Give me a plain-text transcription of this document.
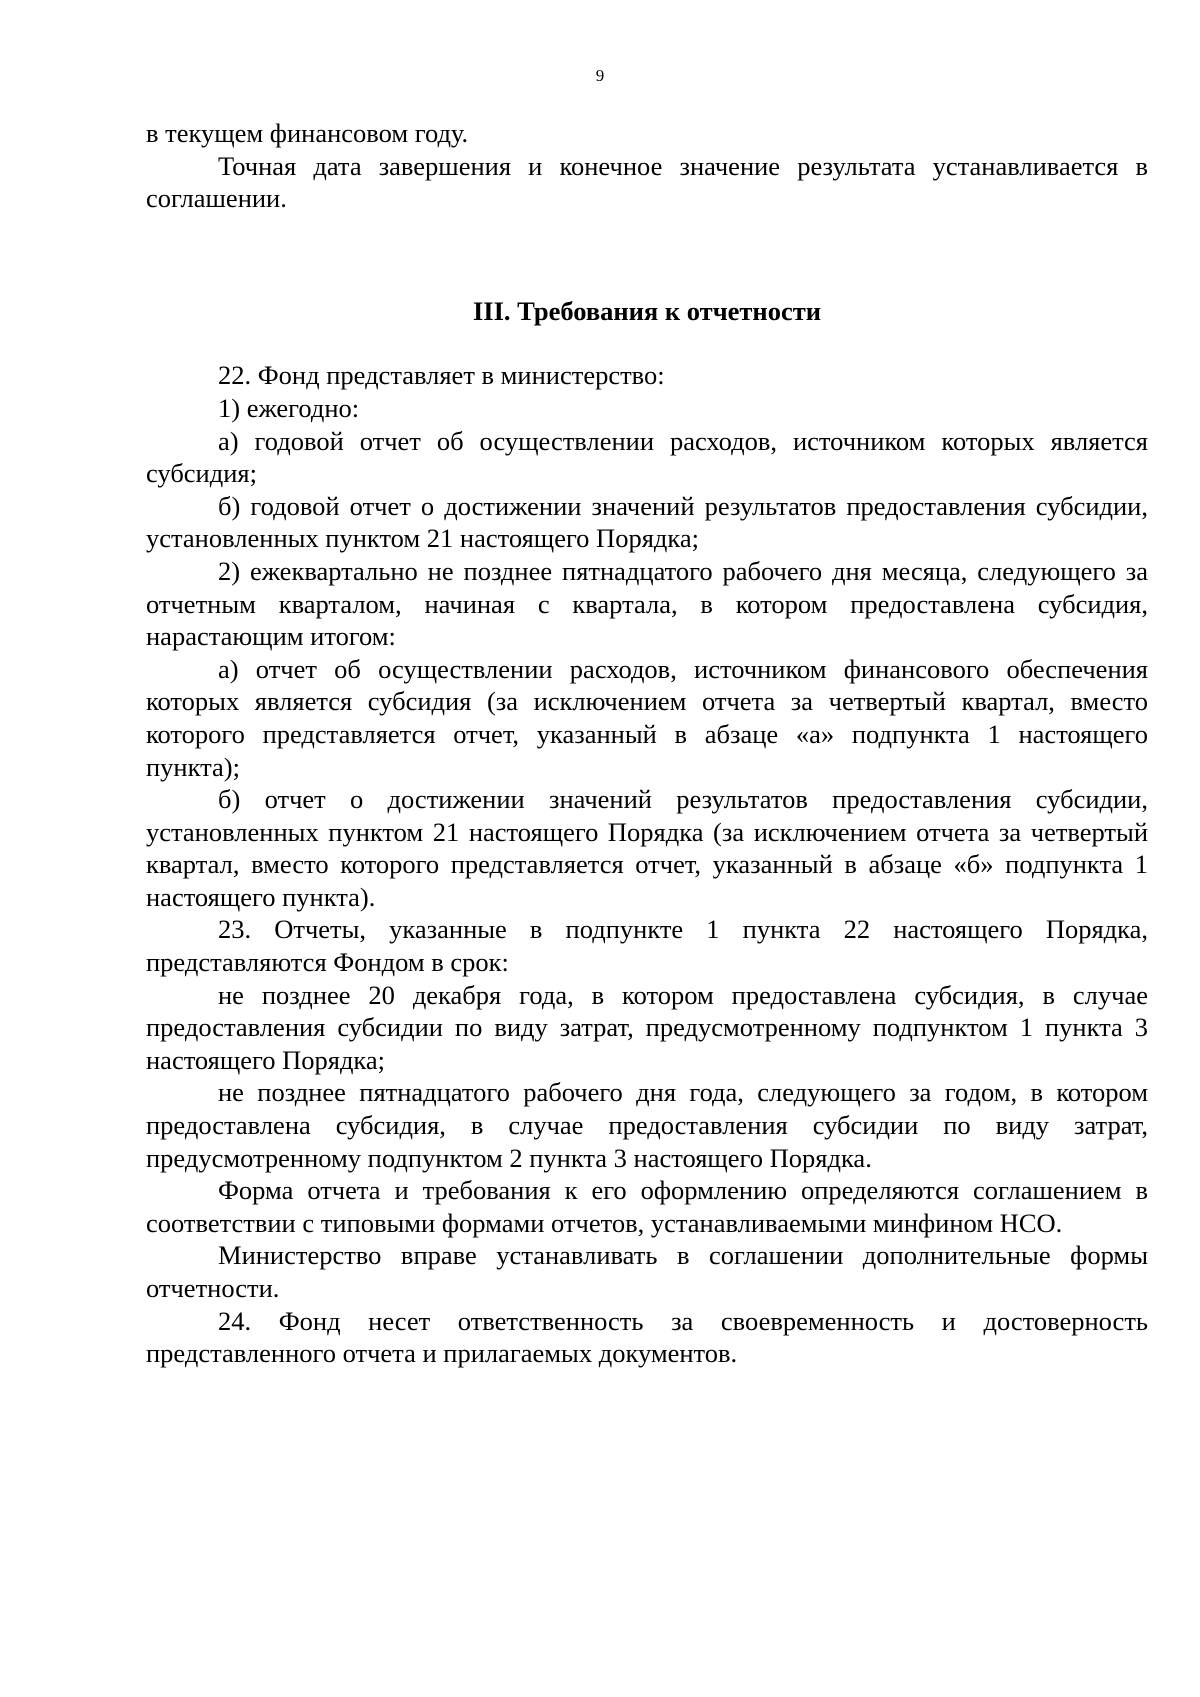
9

в текущем финансовом году.

Точная дата завершения и конечное значение результата устанавливается в соглашении.

III. Требования к отчетности

22. Фонд представляет в министерство:

1) ежегодно:

а) годовой отчет об осуществлении расходов, источником которых является субсидия;

б) годовой отчет о достижении значений результатов предоставления субсидии, установленных пунктом 21 настоящего Порядка;

2) ежеквартально не позднее пятнадцатого рабочего дня месяца, следующего за отчетным кварталом, начиная с квартала, в котором предоставлена субсидия, нарастающим итогом:

а) отчет об осуществлении расходов, источником финансового обеспечения которых является субсидия (за исключением отчета за четвертый квартал, вместо которого представляется отчет, указанный в абзаце «а» подпункта 1 настоящего пункта);

б) отчет о достижении значений результатов предоставления субсидии, установленных пунктом 21 настоящего Порядка (за исключением отчета за четвертый квартал, вместо которого представляется отчет, указанный в абзаце «б» подпункта 1 настоящего пункта).

23. Отчеты, указанные в подпункте 1 пункта 22 настоящего Порядка, представляются Фондом в срок:

не позднее 20 декабря года, в котором предоставлена субсидия, в случае предоставления субсидии по виду затрат, предусмотренному подпунктом 1 пункта 3 настоящего Порядка;

не позднее пятнадцатого рабочего дня года, следующего за годом, в котором предоставлена субсидия, в случае предоставления субсидии по виду затрат, предусмотренному подпунктом 2 пункта 3 настоящего Порядка.

Форма отчета и требования к его оформлению определяются соглашением в соответствии с типовыми формами отчетов, устанавливаемыми минфином НСО.

Министерство вправе устанавливать в соглашении дополнительные формы отчетности.

24. Фонд несет ответственность за своевременность и достоверность представленного отчета и прилагаемых документов.
